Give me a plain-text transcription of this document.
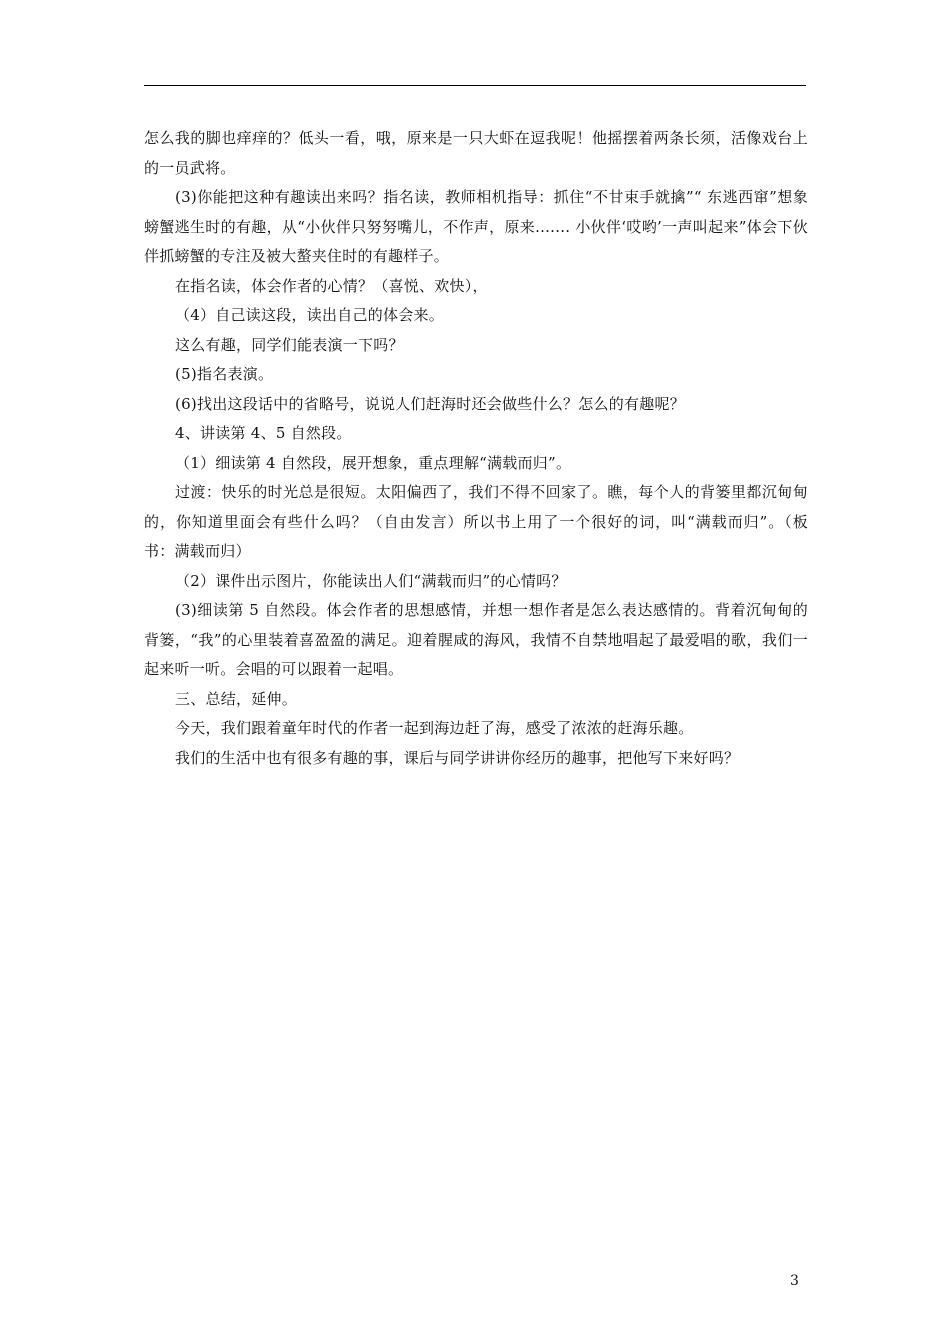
怎么我的脚也痒痒的？低头一看，哦，原来是一只大虾在逗我呢！他摇摆着两条长须，活像戏台上的一员武将。

(3)你能把这种有趣读出来吗？指名读，教师相机指导：抓住“不甘束手就擒”“ 东逃西窜”想象螃蟹逃生时的有趣，从“小伙伴只努努嘴儿，不作声，原来....... 小伙伴‘哎哟’一声叫起来”体会下伙伴抓螃蟹的专注及被大螯夹住时的有趣样子。

在指名读，体会作者的心情？（喜悦、欢快），

（4）自己读这段，读出自己的体会来。

这么有趣，同学们能表演一下吗？

(5)指名表演。

(6)找出这段话中的省略号，说说人们赶海时还会做些什么？怎么的有趣呢？

4、讲读第 4、5 自然段。

（1）细读第 4 自然段，展开想象，重点理解“满载而归”。

过渡：快乐的时光总是很短。太阳偏西了，我们不得不回家了。瞧，每个人的背篓里都沉甸甸的，你知道里面会有些什么吗？（自由发言）所以书上用了一个很好的词，叫“满载而归”。（板书：满载而归）

（2）课件出示图片，你能读出人们“满载而归”的心情吗？

(3)细读第 5 自然段。体会作者的思想感情，并想一想作者是怎么表达感情的。背着沉甸甸的背篓，“我”的心里装着喜盈盈的满足。迎着腥咸的海风，我情不自禁地唱起了最爱唱的歌，我们一起来听一听。会唱的可以跟着一起唱。

三、总结，延伸。

今天，我们跟着童年时代的作者一起到海边赶了海，感受了浓浓的赶海乐趣。

我们的生活中也有很多有趣的事，课后与同学讲讲你经历的趣事，把他写下来好吗？

3
